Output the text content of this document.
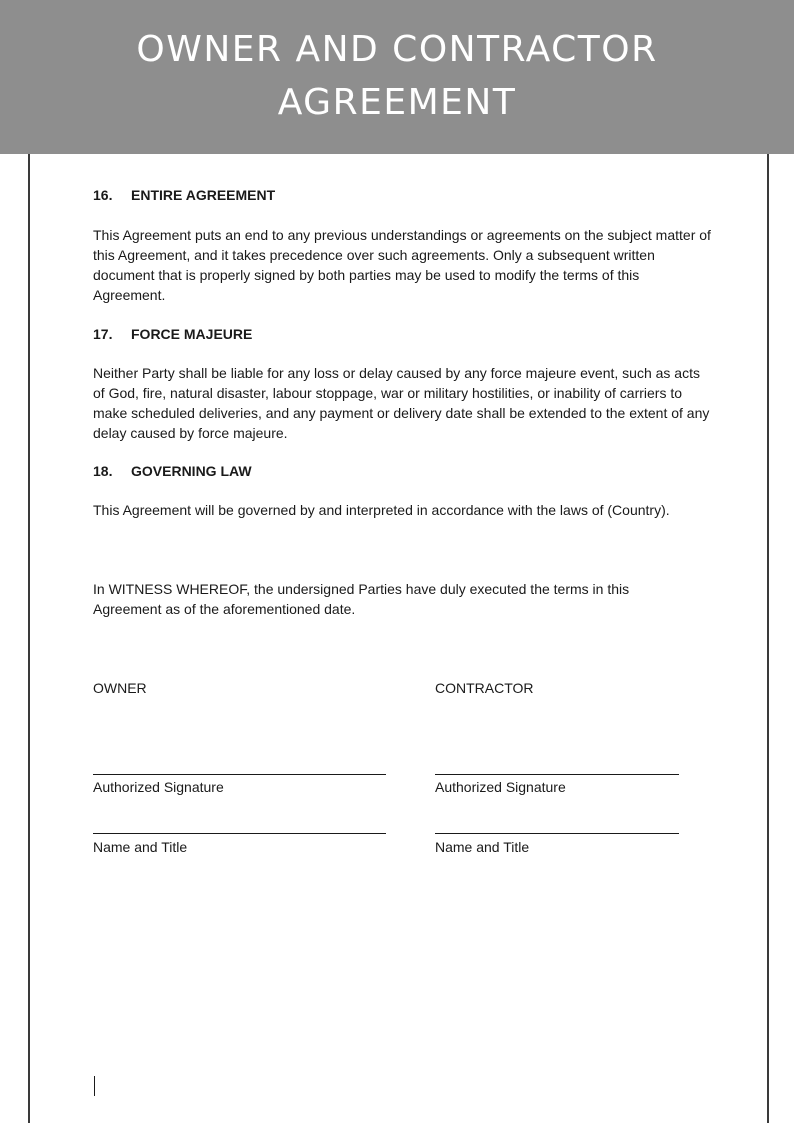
OWNER AND CONTRACTOR AGREEMENT
16.	ENTIRE AGREEMENT

This Agreement puts an end to any previous understandings or agreements on the subject matter of this Agreement, and it takes precedence over such agreements. Only a subsequent written document that is properly signed by both parties may be used to modify the terms of this Agreement.

17.	FORCE MAJEURE

Neither Party shall be liable for any loss or delay caused by any force majeure event, such as acts of God, fire, natural disaster, labour stoppage, war or military hostilities, or inability of carriers to make scheduled deliveries, and any payment or delivery date shall be extended to the extent of any delay caused by force majeure.

18.	GOVERNING LAW

This Agreement will be governed by and interpreted in accordance with the laws of (Country).

In WITNESS WHEREOF, the undersigned Parties have duly executed the terms in this Agreement as of the aforementioned date.

OWNER
Authorized Signature
Name and Title
CONTRACTOR
Authorized Signature
Name and Title
